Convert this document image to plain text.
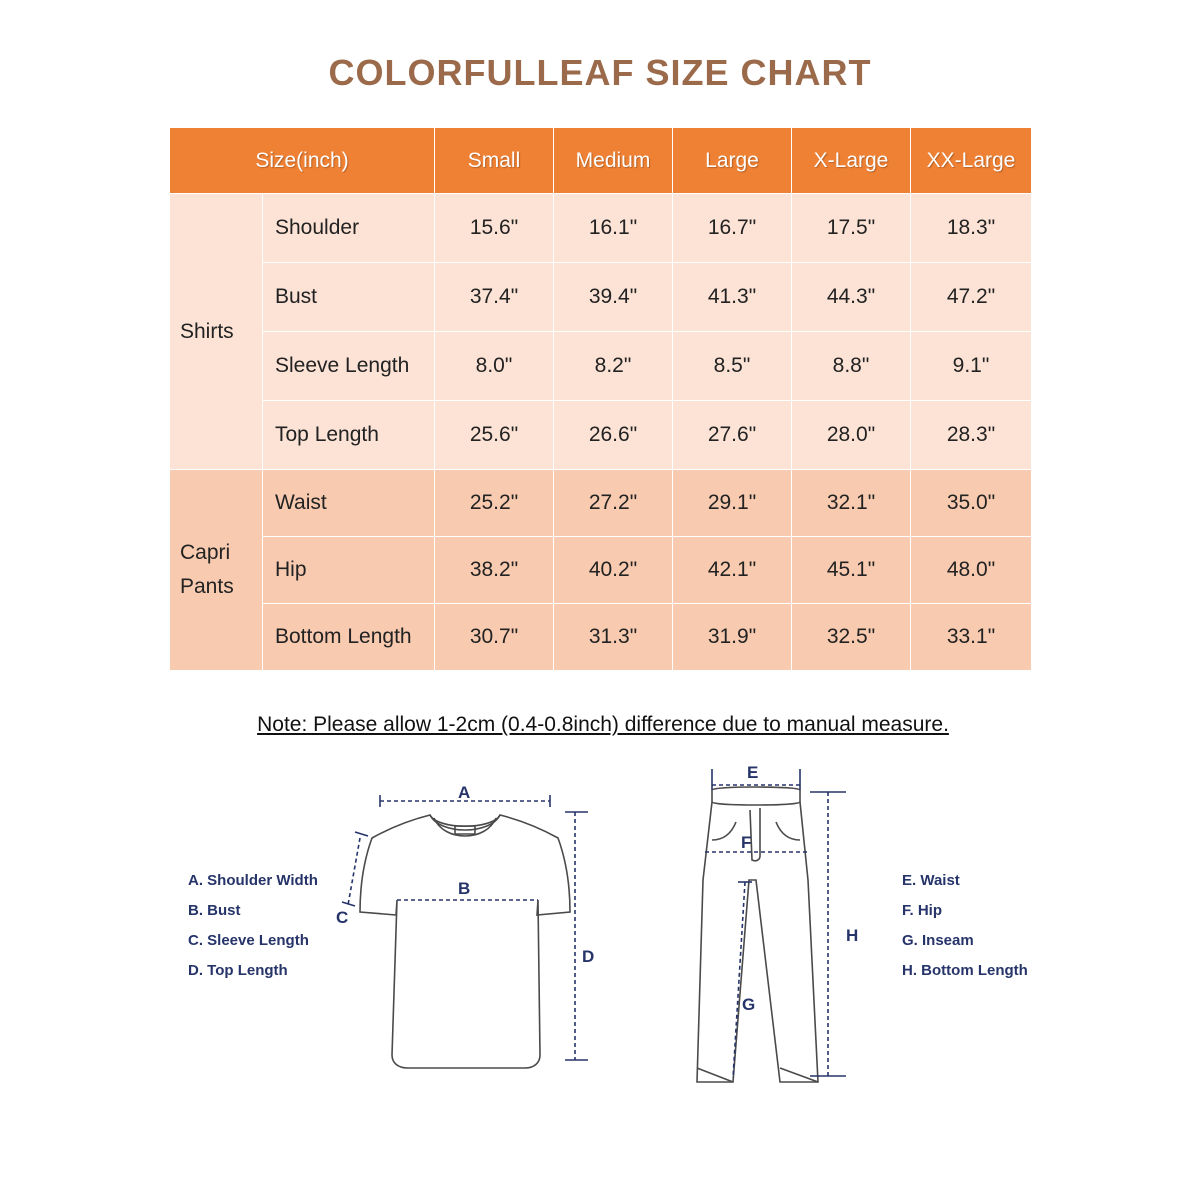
COLORFULLEAF SIZE CHART
Size(inch)		Small	Medium	Large	X-Large	XX-Large
Shirts	Shoulder	15.6"	16.1"	16.7"	17.5"	18.3"
	Bust	37.4"	39.4"	41.3"	44.3"	47.2"
	Sleeve Length	8.0"	8.2"	8.5"	8.8"	9.1"
	Top Length	25.6"	26.6"	27.6"	28.0"	28.3"
Capri
Pants	Waist	25.2"	27.2"	29.1"	32.1"	35.0"
	Hip	38.2"	40.2"	42.1"	45.1"	48.0"
	Bottom Length	30.7"	31.3"	31.9"	32.5"	33.1"
Note: Please allow 1-2cm (0.4-0.8inch) difference due to manual measure.
A. Shoulder Width
B. Bust
C. Sleeve Length
D. Top Length
E. Waist
F. Hip
G. Inseam
H. Bottom Length
A
B
C
D
E
F
G
H
